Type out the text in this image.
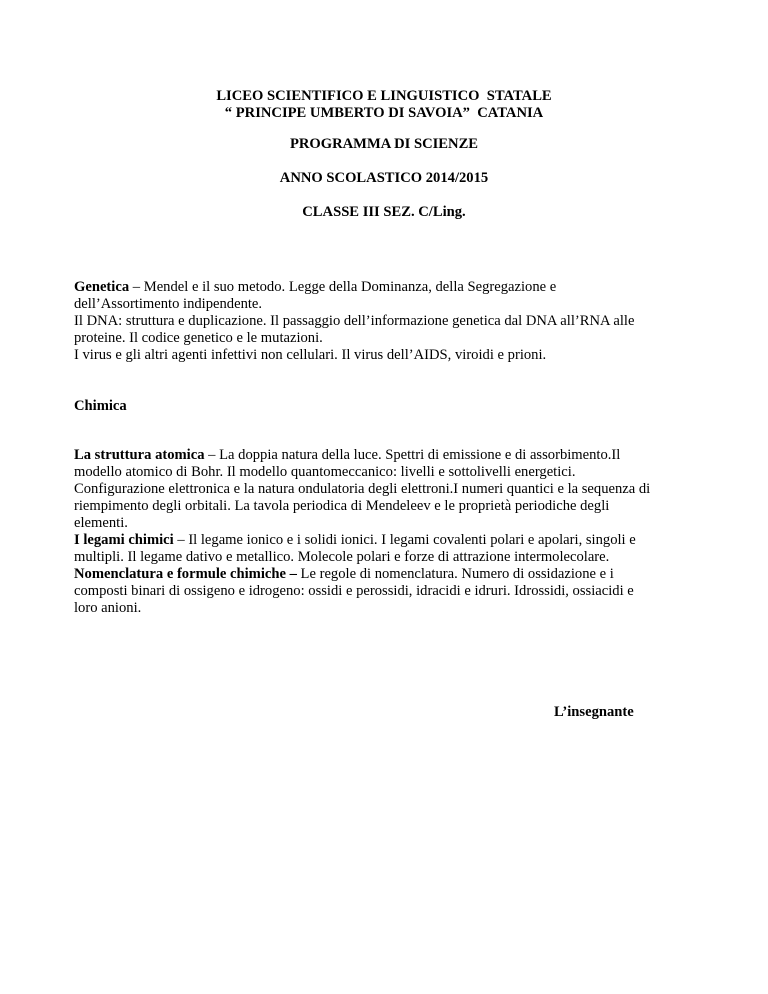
LICEO SCIENTIFICO E LINGUISTICO  STATALE
“ PRINCIPE UMBERTO DI SAVOIA”  CATANIA
PROGRAMMA DI SCIENZE
ANNO SCOLASTICO 2014/2015
CLASSE III SEZ. C/Ling.
Genetica – Mendel e il suo metodo. Legge della Dominanza, della Segregazione e
dell’Assortimento indipendente.
Il DNA: struttura e duplicazione. Il passaggio dell’informazione genetica dal DNA all’RNA alle
proteine. Il codice genetico e le mutazioni.
I virus e gli altri agenti infettivi non cellulari. Il virus dell’AIDS, viroidi e prioni.
Chimica
La struttura atomica – La doppia natura della luce. Spettri di emissione e di assorbimento.Il
modello atomico di Bohr. Il modello quantomeccanico: livelli e sottolivelli energetici.
Configurazione elettronica e la natura ondulatoria degli elettroni.I numeri quantici e la sequenza di
riempimento degli orbitali. La tavola periodica di Mendeleev e le proprietà periodiche degli
elementi.
I legami chimici – Il legame ionico e i solidi ionici. I legami covalenti polari e apolari, singoli e
multipli. Il legame dativo e metallico. Molecole polari e forze di attrazione intermolecolare.
Nomenclatura e formule chimiche – Le regole di nomenclatura. Numero di ossidazione e i
composti binari di ossigeno e idrogeno: ossidi e perossidi, idracidi e idruri. Idrossidi, ossiacidi e
loro anioni.
L’insegnante
